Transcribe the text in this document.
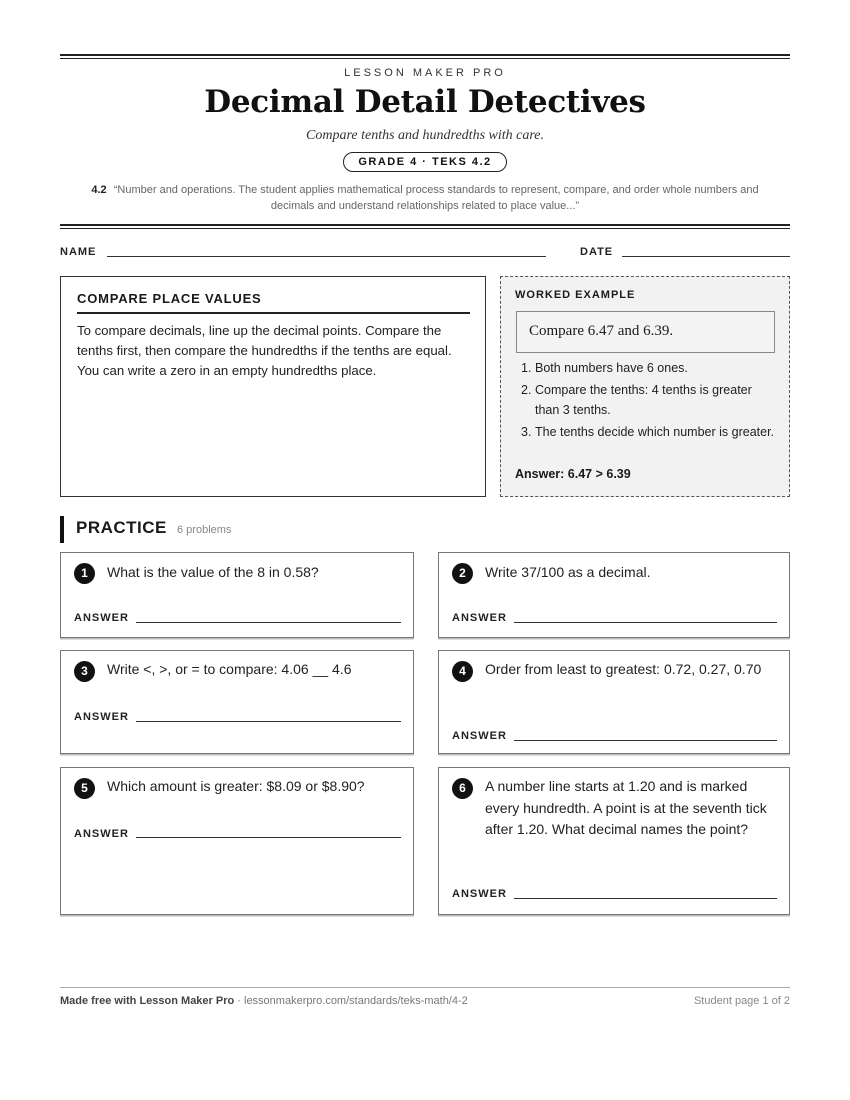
LESSON MAKER PRO
Decimal Detail Detectives
Compare tenths and hundredths with care.
GRADE 4 · TEKS 4.2
4.2 “Number and operations. The student applies mathematical process standards to represent, compare, and order whole numbers and decimals and understand relationships related to place value...”
NAME	DATE
COMPARE PLACE VALUES
To compare decimals, line up the decimal points. Compare the tenths first, then compare the hundredths if the tenths are equal. You can write a zero in an empty hundredths place.
WORKED EXAMPLE
Compare 6.47 and 6.39.
1. Both numbers have 6 ones.
2. Compare the tenths: 4 tenths is greater than 3 tenths.
3. The tenths decide which number is greater.
Answer: 6.47 > 6.39
PRACTICE 6 problems
1	What is the value of the 8 in 0.58?
ANSWER
2	Write 37/100 as a decimal.
ANSWER
3	Write <, >, or = to compare: 4.06 __ 4.6
ANSWER
4	Order from least to greatest: 0.72, 0.27, 0.70
ANSWER
5	Which amount is greater: $8.09 or $8.90?
ANSWER
6	A number line starts at 1.20 and is marked every hundredth. A point is at the seventh tick after 1.20. What decimal names the point?
ANSWER
Made free with Lesson Maker Pro · lessonmakerpro.com/standards/teks-math/4-2	Student page 1 of 2
